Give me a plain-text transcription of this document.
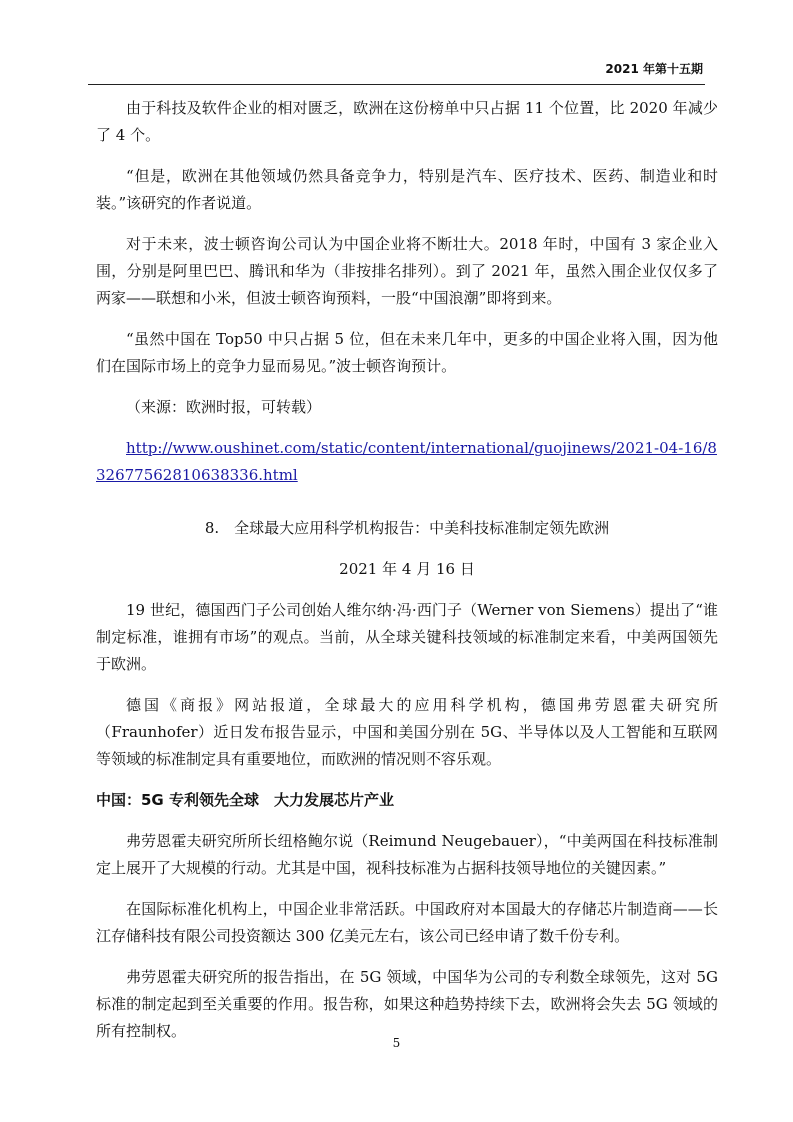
2021 年第十五期

由于科技及软件企业的相对匮乏，欧洲在这份榜单中只占据 11 个位置，比 2020 年减少了 4 个。

“但是，欧洲在其他领域仍然具备竞争力，特别是汽车、医疗技术、医药、制造业和时装。”该研究的作者说道。

对于未来，波士顿咨询公司认为中国企业将不断壮大。2018 年时，中国有 3 家企业入围，分别是阿里巴巴、腾讯和华为（非按排名排列）。到了 2021 年，虽然入围企业仅仅多了两家——联想和小米，但波士顿咨询预料，一股“中国浪潮”即将到来。

“虽然中国在 Top50 中只占据 5 位，但在未来几年中，更多的中国企业将入围，因为他们在国际市场上的竞争力显而易见。”波士顿咨询预计。

（来源：欧洲时报，可转载）

http://www.oushinet.com/static/content/international/guojinews/2021-04-16/832677562810638336.html

8.　全球最大应用科学机构报告：中美科技标准制定领先欧洲

2021 年 4 月 16 日

19 世纪，德国西门子公司创始人维尔纳·冯·西门子（Werner von Siemens）提出了“谁制定标准，谁拥有市场”的观点。当前，从全球关键科技领域的标准制定来看，中美两国领先于欧洲。

德国《商报》网站报道，全球最大的应用科学机构，德国弗劳恩霍夫研究所（Fraunhofer）近日发布报告显示，中国和美国分别在 5G、半导体以及人工智能和互联网等领域的标准制定具有重要地位，而欧洲的情况则不容乐观。

中国：5G 专利领先全球　大力发展芯片产业

弗劳恩霍夫研究所所长纽格鲍尔说（Reimund Neugebauer），“中美两国在科技标准制定上展开了大规模的行动。尤其是中国，视科技标准为占据科技领导地位的关键因素。”

在国际标准化机构上，中国企业非常活跃。中国政府对本国最大的存储芯片制造商——长江存储科技有限公司投资额达 300 亿美元左右，该公司已经申请了数千份专利。

弗劳恩霍夫研究所的报告指出，在 5G 领域，中国华为公司的专利数全球领先，这对 5G 标准的制定起到至关重要的作用。报告称，如果这种趋势持续下去，欧洲将会失去 5G 领域的所有控制权。

5
